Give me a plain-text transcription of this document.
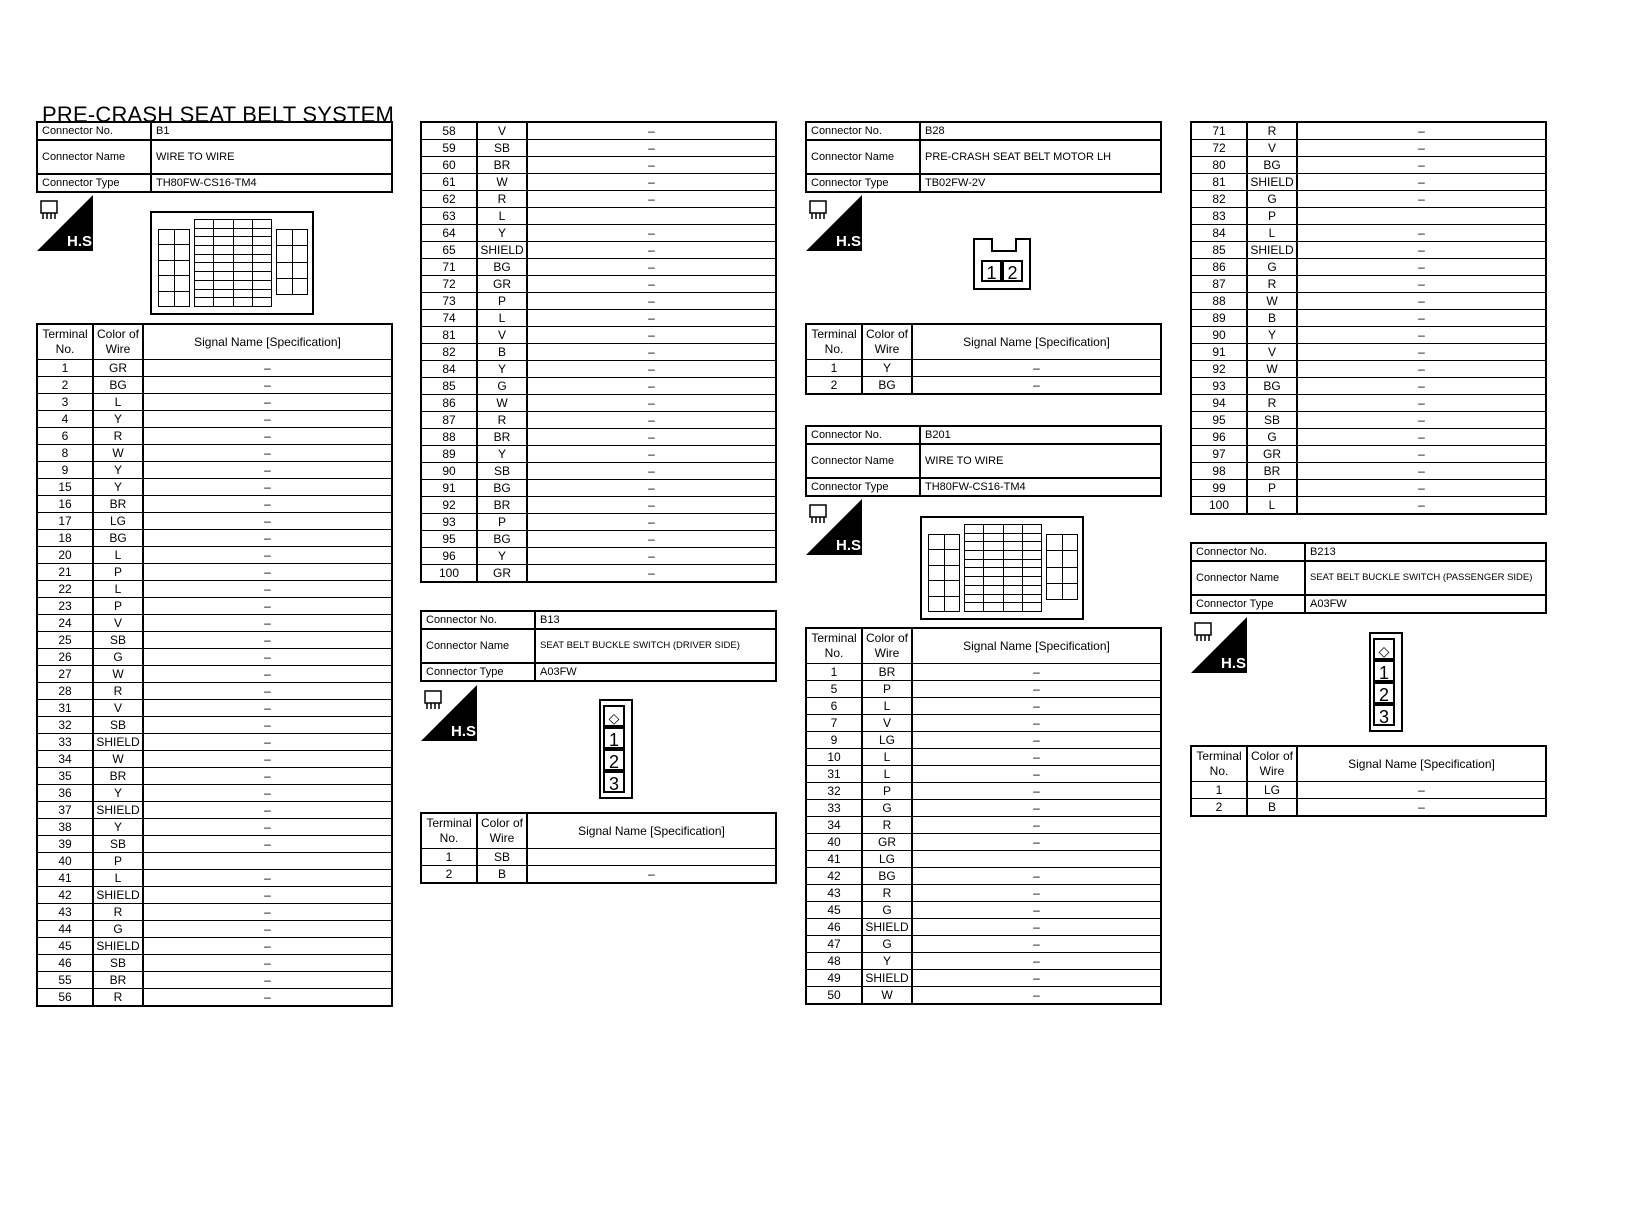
PRE-CRASH SEAT BELT SYSTEM
Connector No.	B1
Connector Name	WIRE TO WIRE
Connector Type	TH80FW-CS16-TM4
H.S.
Terminal No.	Color of Wire	Signal Name [Specification]
1	GR	–
2	BG	–
3	L	–
4	Y	–
6	R	–
8	W	–
9	Y	–
15	Y	–
16	BR	–
17	LG	–
18	BG	–
20	L	–
21	P	–
22	L	–
23	P	–
24	V	–
25	SB	–
26	G	–
27	W	–
28	R	–
31	V	–
32	SB	–
33	SHIELD	–
34	W	–
35	BR	–
36	Y	–
37	SHIELD	–
38	Y	–
39	SB	–
40	P	
41	L	–
42	SHIELD	–
43	R	–
44	G	–
45	SHIELD	–
46	SB	–
55	BR	–
56	R	–
58	V	–
59	SB	–
60	BR	–
61	W	–
62	R	–
63	L	
64	Y	–
65	SHIELD	–
71	BG	–
72	GR	–
73	P	–
74	L	–
81	V	–
82	B	–
84	Y	–
85	G	–
86	W	–
87	R	–
88	BR	–
89	Y	–
90	SB	–
91	BG	–
92	BR	–
93	P	–
95	BG	–
96	Y	–
100	GR	–
Connector No.	B13
Connector Name	SEAT BELT BUCKLE SWITCH (DRIVER SIDE)
Connector Type	A03FW
H.S.
◇
1
2
3
Terminal No.	Color of Wire	Signal Name [Specification]
1	SB	
2	B	–
Connector No.	B28
Connector Name	PRE-CRASH SEAT BELT MOTOR LH
Connector Type	TB02FW-2V
H.S.
1 2
Terminal No.	Color of Wire	Signal Name [Specification]
1	Y	–
2	BG	–
Connector No.	B201
Connector Name	WIRE TO WIRE
Connector Type	TH80FW-CS16-TM4
H.S.
Terminal No.	Color of Wire	Signal Name [Specification]
1	BR	–
5	P	–
6	L	–
7	V	–
9	LG	–
10	L	–
31	L	–
32	P	–
33	G	–
34	R	–
40	GR	–
41	LG	
42	BG	–
43	R	–
45	G	–
46	SHIELD	–
47	G	–
48	Y	–
49	SHIELD	–
50	W	–
71	R	–
72	V	–
80	BG	–
81	SHIELD	–
82	G	–
83	P	
84	L	–
85	SHIELD	–
86	G	–
87	R	–
88	W	–
89	B	–
90	Y	–
91	V	–
92	W	–
93	BG	–
94	R	–
95	SB	–
96	G	–
97	GR	–
98	BR	–
99	P	–
100	L	–
Connector No.	B213
Connector Name	SEAT BELT BUCKLE SWITCH (PASSENGER SIDE)
Connector Type	A03FW
H.S.
◇
1
2
3
Terminal No.	Color of Wire	Signal Name [Specification]
1	LG	–
2	B	–
